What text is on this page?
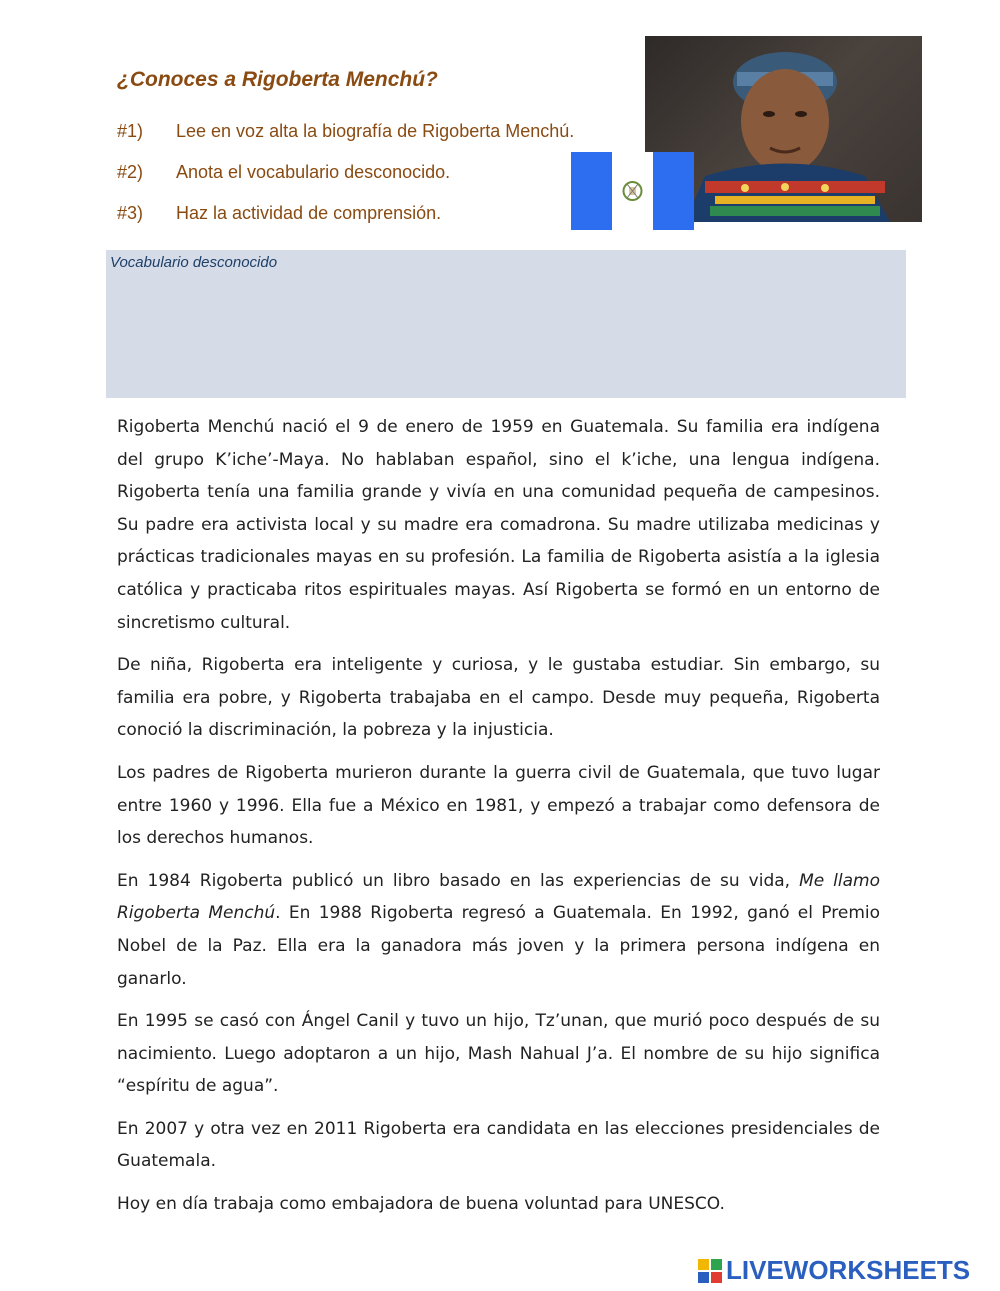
¿Conoces a Rigoberta Menchú?
#1) Lee en voz alta la biografía de Rigoberta Menchú.
#2) Anota el vocabulario desconocido.
#3) Haz la actividad de comprensión.
Vocabulario desconocido

Rigoberta Menchú nació el 9 de enero de 1959 en Guatemala. Su familia era indígena del grupo K’iche’-Maya. No hablaban español, sino el k’iche, una lengua indígena. Rigoberta tenía una familia grande y vivía en una comunidad pequeña de campesinos. Su padre era activista local y su madre era comadrona. Su madre utilizaba medicinas y prácticas tradicionales mayas en su profesión. La familia de Rigoberta asistía a la iglesia católica y practicaba ritos espirituales mayas. Así Rigoberta se formó en un entorno de sincretismo cultural.

De niña, Rigoberta era inteligente y curiosa, y le gustaba estudiar. Sin embargo, su familia era pobre, y Rigoberta trabajaba en el campo. Desde muy pequeña, Rigoberta conoció la discriminación, la pobreza y la injusticia.

Los padres de Rigoberta murieron durante la guerra civil de Guatemala, que tuvo lugar entre 1960 y 1996. Ella fue a México en 1981, y empezó a trabajar como defensora de los derechos humanos.

En 1984 Rigoberta publicó un libro basado en las experiencias de su vida, Me llamo Rigoberta Menchú. En 1988 Rigoberta regresó a Guatemala. En 1992, ganó el Premio Nobel de la Paz. Ella era la ganadora más joven y la primera persona indígena en ganarlo.

En 1995 se casó con Ángel Canil y tuvo un hijo, Tz’unan, que murió poco después de su nacimiento. Luego adoptaron a un hijo, Mash Nahual J’a. El nombre de su hijo significa “espíritu de agua”.

En 2007 y otra vez en 2011 Rigoberta era candidata en las elecciones presidenciales de Guatemala.

Hoy en día trabaja como embajadora de buena voluntad para UNESCO.

LIVEWORKSHEETS
